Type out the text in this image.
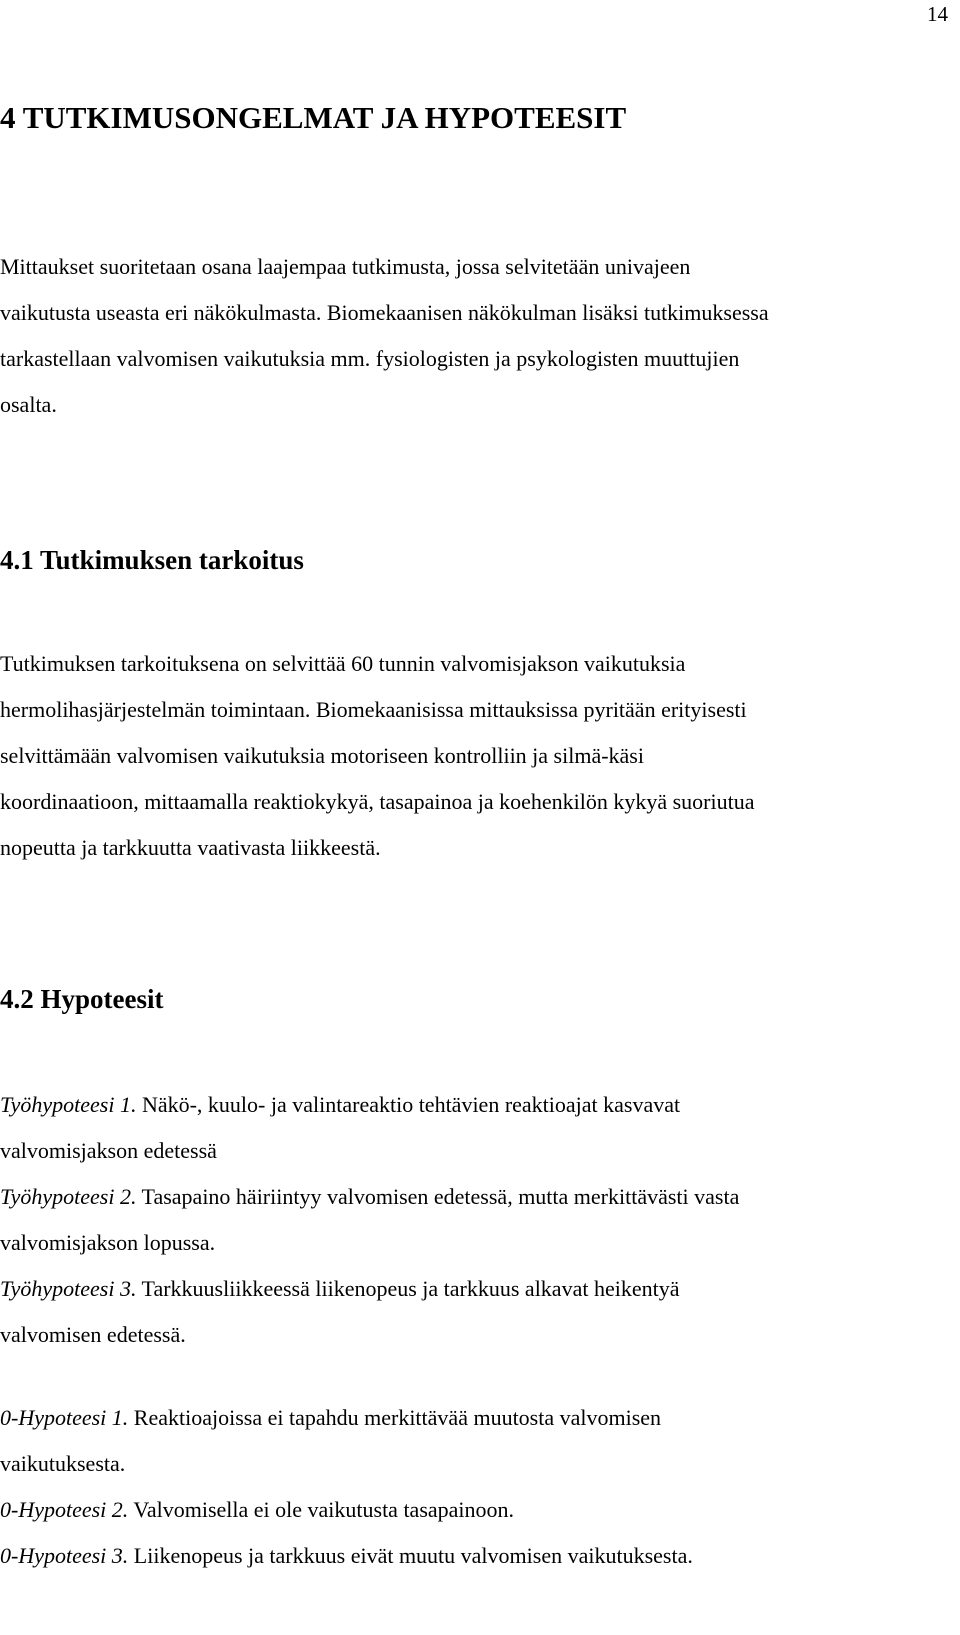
14
4 TUTKIMUSONGELMAT JA HYPOTEESIT

Mittaukset suoritetaan osana laajempaa tutkimusta, jossa selvitetään univajeen
vaikutusta useasta eri näkökulmasta. Biomekaanisen näkökulman lisäksi tutkimuksessa
tarkastellaan valvomisen vaikutuksia mm. fysiologisten ja psykologisten muuttujien
osalta.

4.1 Tutkimuksen tarkoitus

Tutkimuksen tarkoituksena on selvittää 60 tunnin valvomisjakson vaikutuksia
hermolihasjärjestelmän toimintaan. Biomekaanisissa mittauksissa pyritään erityisesti
selvittämään valvomisen vaikutuksia motoriseen kontrolliin ja silmä-käsi
koordinaatioon, mittaamalla reaktiokykyä, tasapainoa ja koehenkilön kykyä suoriutua
nopeutta ja tarkkuutta vaativasta liikkeestä.

4.2 Hypoteesit

Työhypoteesi 1. Näkö-, kuulo- ja valintareaktio tehtävien reaktioajat kasvavat
valvomisjakson edetessä
Työhypoteesi 2. Tasapaino häiriintyy valvomisen edetessä, mutta merkittävästi vasta
valvomisjakson lopussa.
Työhypoteesi 3. Tarkkuusliikkeessä liikenopeus ja tarkkuus alkavat heikentyä
valvomisen edetessä.

0-Hypoteesi 1. Reaktioajoissa ei tapahdu merkittävää muutosta valvomisen
vaikutuksesta.
0-Hypoteesi 2. Valvomisella ei ole vaikutusta tasapainoon.
0-Hypoteesi 3. Liikenopeus ja tarkkuus eivät muutu valvomisen vaikutuksesta.
